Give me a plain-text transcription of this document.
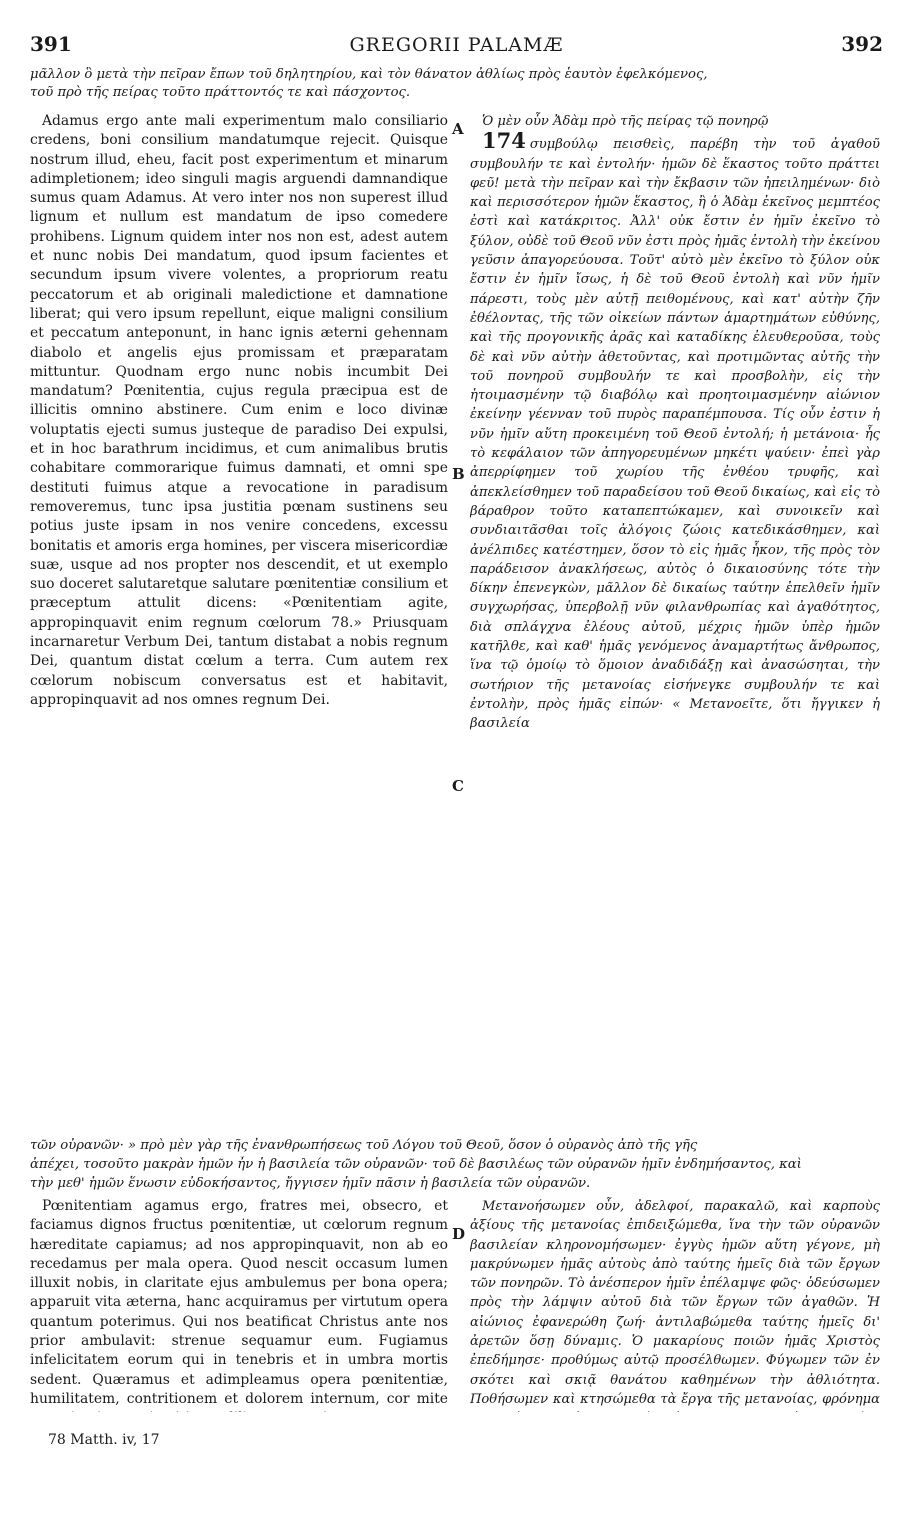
391	GREGORII PALAMÆ	392
μᾶλλον ὃ μετὰ τὴν πεῖραν ἔπων τοῦ δηλητηρίου, καὶ τὸν θάνατον ἀθλίως πρὸς ἑαυτὸν ἐφελκόμενος,
τοῦ πρὸ τῆς πείρας τοῦτο πράττοντός τε καὶ πάσχοντος.

Adamus ergo ante mali experimentum malo consiliario credens, boni consilium mandatumque rejecit. Quisque nostrum illud, eheu, facit post experimentum et minarum adimpletionem; ideo singuli magis arguendi damnandique sumus quam Adamus. At vero inter nos non superest illud lignum et nullum est mandatum de ipso comedere prohibens. Lignum quidem inter nos non est, adest autem et nunc nobis Dei mandatum, quod ipsum facientes et secundum ipsum vivere volentes, a propriorum reatu peccatorum et ab originali maledictione et damnatione liberat; qui vero ipsum repellunt, eique maligni consilium et peccatum anteponunt, in hanc ignis æterni gehennam diabolo et angelis ejus promissam et præparatam mittuntur. Quodnam ergo nunc nobis incumbit Dei mandatum? Pœnitentia, cujus regula præcipua est de illicitis omnino abstinere. Cum enim e loco divinæ voluptatis ejecti sumus justeque de paradiso Dei expulsi, et in hoc barathrum incidimus, et cum animalibus brutis cohabitare commorarique fuimus damnati, et omni spe destituti fuimus atque a revocatione in paradisum removeremus, tunc ipsa justitia pœnam sustinens seu potius juste ipsam in nos venire concedens, excessu bonitatis et amoris erga homines, per viscera misericordiæ suæ, usque ad nos propter nos descendit, et ut exemplo suo doceret salutaretque salutare pœnitentiæ consilium et præceptum attulit dicens: «Pœnitentiam agite, appropinquavit enim regnum cœlorum 78.» Priusquam incarnaretur Verbum Dei, tantum distabat a nobis regnum Dei, quantum distat cœlum a terra. Cum autem rex cœlorum nobiscum conversatus est et habitavit, appropinquavit ad nos omnes regnum Dei.

Ὁ μὲν οὖν Ἀδὰμ πρὸ τῆς πείρας τῷ πονηρῷ
174 συμβούλῳ πεισθεὶς, παρέβη τὴν τοῦ ἀγαθοῦ συμβουλήν τε καὶ ἐντολήν· ἡμῶν δὲ ἕκαστος τοῦτο πράττει φεῦ! μετὰ τὴν πεῖραν καὶ τὴν ἔκβασιν τῶν ἠπειλημένων· διὸ καὶ περισσότερον ἡμῶν ἕκαστος, ἢ ὁ Ἀδὰμ ἐκεῖνος μεμπτέος ἐστὶ καὶ κατάκριτος. Ἀλλ' οὐκ ἔστιν ἐν ἡμῖν ἐκεῖνο τὸ ξύλον, οὐδὲ τοῦ Θεοῦ νῦν ἐστι πρὸς ἡμᾶς ἐντολὴ τὴν ἐκείνου γεῦσιν ἀπαγορεύουσα. Τοῦτ' αὐτὸ μὲν ἐκεῖνο τὸ ξύλον οὐκ ἔστιν ἐν ἡμῖν ἴσως, ἡ δὲ τοῦ Θεοῦ ἐντολὴ καὶ νῦν ἡμῖν πάρεστι, τοὺς μὲν αὐτῇ πειθομένους, καὶ κατ' αὐτὴν ζῆν ἐθέλοντας, τῆς τῶν οἰκείων πάντων ἁμαρτημάτων εὐθύνης, καὶ τῆς προγονικῆς ἀρᾶς καὶ καταδίκης ἐλευθεροῦσα, τοὺς δὲ καὶ νῦν αὐτὴν ἀθετοῦντας, καὶ προτιμῶντας αὐτῆς τὴν τοῦ πονηροῦ συμβουλήν τε καὶ προσβολὴν, εἰς τὴν ἡτοιμασμένην τῷ διαβόλῳ καὶ προητοιμασμένην αἰώνιον ἐκείνην γέενναν τοῦ πυρὸς παραπέμπουσα. Τίς οὖν ἐστιν ἡ νῦν ἡμῖν αὕτη προκειμένη τοῦ Θεοῦ ἐντολή; ἡ μετάνοια· ἧς τὸ κεφάλαιον τῶν ἀπηγορευμένων μηκέτι ψαύειν· ἐπεὶ γὰρ ἀπερρίφημεν τοῦ χωρίου τῆς ἐνθέου τρυφῆς, καὶ ἀπεκλείσθημεν τοῦ παραδείσου τοῦ Θεοῦ δικαίως, καὶ εἰς τὸ βάραθρον τοῦτο καταπεπτώκαμεν, καὶ συνοικεῖν καὶ συνδιαιτᾶσθαι τοῖς ἀλόγοις ζώοις κατεδικάσθημεν, καὶ ἀνέλπιδες κατέστημεν, ὅσον τὸ εἰς ἡμᾶς ἧκον, τῆς πρὸς τὸν παράδεισον ἀνακλήσεως, αὐτὸς ὁ δικαιοσύνης τότε τὴν δίκην ἐπενεγκὼν, μᾶλλον δὲ δικαίως ταύτην ἐπελθεῖν ἡμῖν συγχωρήσας, ὑπερβολῇ νῦν φιλανθρωπίας καὶ ἀγαθότητος, διὰ σπλάγχνα ἐλέους αὐτοῦ, μέχρις ἡμῶν ὑπὲρ ἡμῶν κατῆλθε, καὶ καθ' ἡμᾶς γενόμενος ἀναμαρτήτως ἄνθρωπος, ἵνα τῷ ὁμοίῳ τὸ ὅμοιον ἀναδιδάξῃ καὶ ἀνασώσηται, τὴν σωτήριον τῆς μετανοίας εἰσήνεγκε συμβουλήν τε καὶ ἐντολὴν, πρὸς ἡμᾶς εἰπών· « Μετανοεῖτε, ὅτι ἤγγικεν ἡ βασιλεία

A
B
C
D
τῶν οὐρανῶν· » πρὸ μὲν γὰρ τῆς ἐνανθρωπήσεως τοῦ Λόγου τοῦ Θεοῦ, ὅσον ὁ οὐρανὸς ἀπὸ τῆς γῆς
ἀπέχει, τοσοῦτο μακρὰν ἡμῶν ἦν ἡ βασιλεία τῶν οὐρανῶν· τοῦ δὲ βασιλέως τῶν οὐρανῶν ἡμῖν ἐνδημήσαντος, καὶ
τὴν μεθ' ἡμῶν ἕνωσιν εὐδοκήσαντος, ἤγγισεν ἡμῖν πᾶσιν ἡ βασιλεία τῶν οὐρανῶν.

Pœnitentiam agamus ergo, fratres mei, obsecro, et faciamus dignos fructus pœnitentiæ, ut cœlorum regnum hæreditate capiamus; ad nos appropinquavit, non ab eo recedamus per mala opera. Quod nescit occasum lumen illuxit nobis, in claritate ejus ambulemus per bona opera; apparuit vita æterna, hanc acquiramus per virtutum opera quantum poterimus. Qui nos beatificat Christus ante nos prior ambulavit: strenue sequamur eum. Fugiamus infelicitatem eorum qui in tenebris et in umbra mortis sedent. Quæramus et adimpleamus opera pœnitentiæ, humilitatem, contritionem et dolorem internum, cor mite

Μετανοήσωμεν οὖν, ἀδελφοί, παρακαλῶ, καὶ καρποὺς ἀξίους τῆς μετανοίας ἐπιδειξώμεθα, ἵνα τὴν τῶν οὐρανῶν βασιλείαν κληρονομήσωμεν· ἐγγὺς ἡμῶν αὕτη γέγονε, μὴ μακρύνωμεν ἡμᾶς αὐτοὺς ἀπὸ ταύτης ἡμεῖς διὰ τῶν ἔργων τῶν πονηρῶν. Τὸ ἀνέσπερον ἡμῖν ἐπέλαμψε φῶς· ὁδεύσωμεν πρὸς τὴν λάμψιν αὐτοῦ διὰ τῶν ἔργων τῶν ἀγαθῶν. Ἡ αἰώνιος ἐφανερώθη ζωή· ἀντιλαβώμεθα ταύτης ἡμεῖς δι' ἀρετῶν ὅσῃ δύναμις. Ὁ μακαρίους ποιῶν ἡμᾶς Χριστὸς ἐπεδήμησε· προθύμως αὐτῷ προσέλθωμεν. Φύγωμεν τῶν ἐν σκότει καὶ σκιᾷ θανάτου καθημένων τὴν ἀθλιότητα. Ποθήσωμεν καὶ κτησώμεθα τὰ ἔργα τῆς μετανοίας, φρόνημα

78 Matth. iv, 17
